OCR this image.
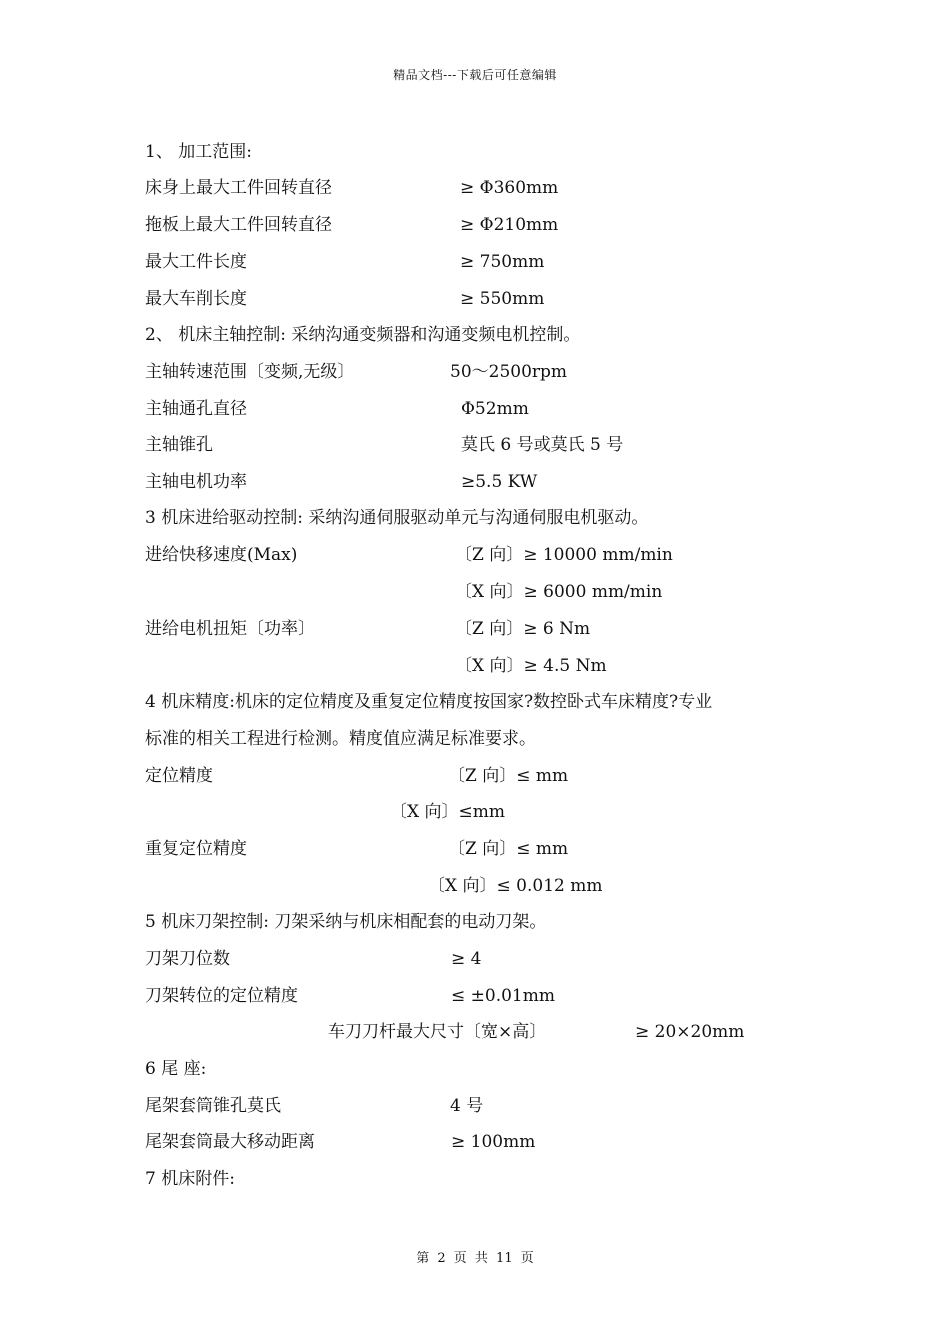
精品文档---下载后可任意编辑
1、 加工范围:
床身上最大工件回转直径	≥ Φ360mm
拖板上最大工件回转直径	≥ Φ210mm
最大工件长度	≥ 750mm
最大车削长度	≥ 550mm
2、 机床主轴控制: 采纳沟通变频器和沟通变频电机控制。
主轴转速范围〔变频,无级〕	50～2500rpm
主轴通孔直径	Φ52mm
主轴锥孔	莫氏 6 号或莫氏 5 号
主轴电机功率	≥5.5 KW
3 机床进给驱动控制: 采纳沟通伺服驱动单元与沟通伺服电机驱动。
进给快移速度(Max)	〔Z 向〕≥ 10000 mm/min
〔X 向〕≥ 6000 mm/min
进给电机扭矩〔功率〕	〔Z 向〕≥ 6 Nm
〔X 向〕≥ 4.5 Nm
4 机床精度:机床的定位精度及重复定位精度按国家?数控卧式车床精度?专业
标准的相关工程进行检测。精度值应满足标准要求。
定位精度	〔Z 向〕≤ mm
〔X 向〕≤mm
重复定位精度	〔Z 向〕≤ mm
〔X 向〕≤ 0.012 mm
5 机床刀架控制: 刀架采纳与机床相配套的电动刀架。
刀架刀位数	≥ 4
刀架转位的定位精度	≤ ±0.01mm
车刀刀杆最大尺寸〔宽×高〕	≥ 20×20mm
6 尾 座:
尾架套筒锥孔莫氏	4 号
尾架套筒最大移动距离	≥ 100mm
7 机床附件:
第 2 页 共 11 页
